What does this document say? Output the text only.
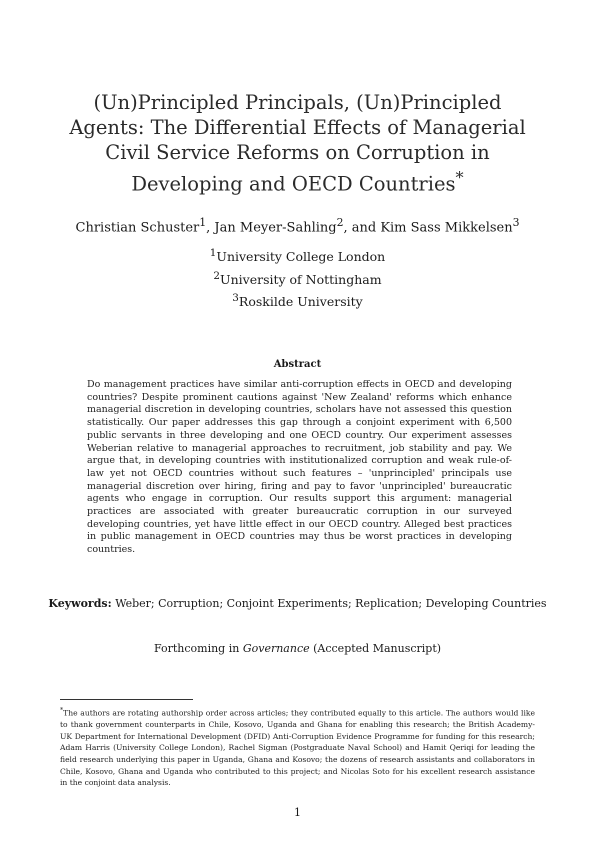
(Un)Principled Principals, (Un)Principled Agents: The Differential Effects of Managerial Civil Service Reforms on Corruption in Developing and OECD Countries*
Christian Schuster$^1$, Jan Meyer-Sahling$^2$, and Kim Sass Mikkelsen$^3$
$^1$University College London
$^2$University of Nottingham
$^3$Roskilde University
Abstract
Do management practices have similar anti-corruption effects in OECD and developing countries? Despite prominent cautions against 'New Zealand' reforms which enhance managerial discretion in developing countries, scholars have not assessed this question statistically. Our paper addresses this gap through a conjoint experiment with 6,500 public servants in three developing and one OECD country. Our experiment assesses Weberian relative to managerial approaches to recruitment, job stability and pay. We argue that, in developing countries with institutionalized corruption and weak rule-of-law yet not OECD countries without such features – 'unprincipled' principals use managerial discretion over hiring, firing and pay to favor 'unprincipled' bureaucratic agents who engage in corruption. Our results support this argument: managerial practices are associated with greater bureaucratic corruption in our surveyed developing countries, yet have little effect in our OECD country. Alleged best practices in public management in OECD countries may thus be worst practices in developing countries.
Keywords: Weber; Corruption; Conjoint Experiments; Replication; Developing Countries
Forthcoming in Governance (Accepted Manuscript)
*The authors are rotating authorship order across articles; they contributed equally to this article. The authors would like to thank government counterparts in Chile, Kosovo, Uganda and Ghana for enabling this research; the British Academy-UK Department for International Development (DFID) Anti-Corruption Evidence Programme for funding for this research; Adam Harris (University College London), Rachel Sigman (Postgraduate Naval School) and Hamit Qeriqi for leading the field research underlying this paper in Uganda, Ghana and Kosovo; the dozens of research assistants and collaborators in Chile, Kosovo, Ghana and Uganda who contributed to this project; and Nicolas Soto for his excellent research assistance in the conjoint data analysis.
1
